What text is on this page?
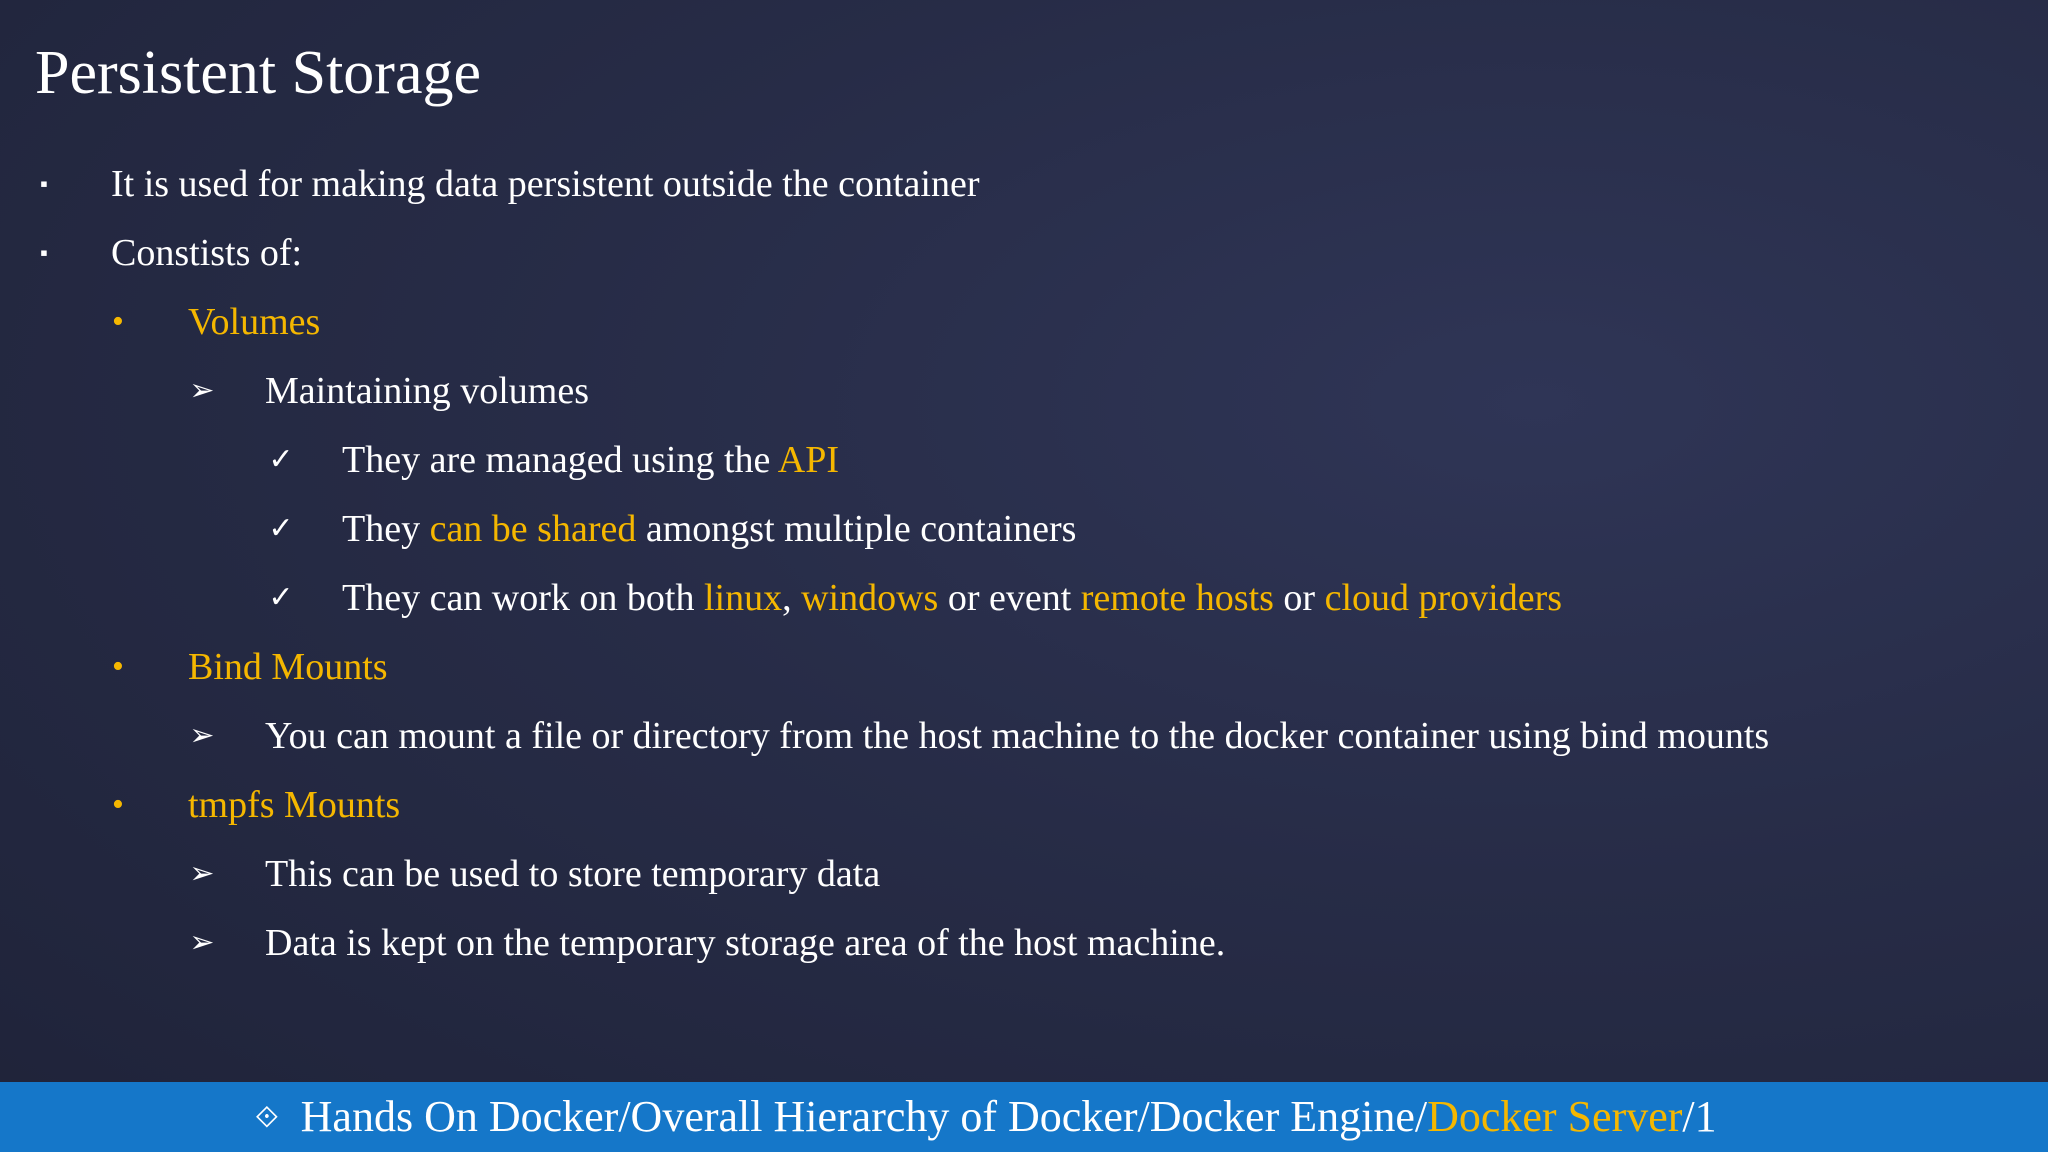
Persistent Storage
▪	It is used for making data persistent outside the container
▪	Constists of:
•	Volumes
➢	Maintaining volumes
✓	They are managed using the API
✓	They can be shared amongst multiple containers
✓	They can work on both linux, windows or event remote hosts or cloud providers
•	Bind Mounts
➢	You can mount a file or directory from the host machine to the docker container using bind mounts
•	tmpfs Mounts
➢	This can be used to store temporary data
➢	Data is kept on the temporary storage area of the host machine.
⟐ Hands On Docker/Overall Hierarchy of Docker/Docker Engine/Docker Server/1
